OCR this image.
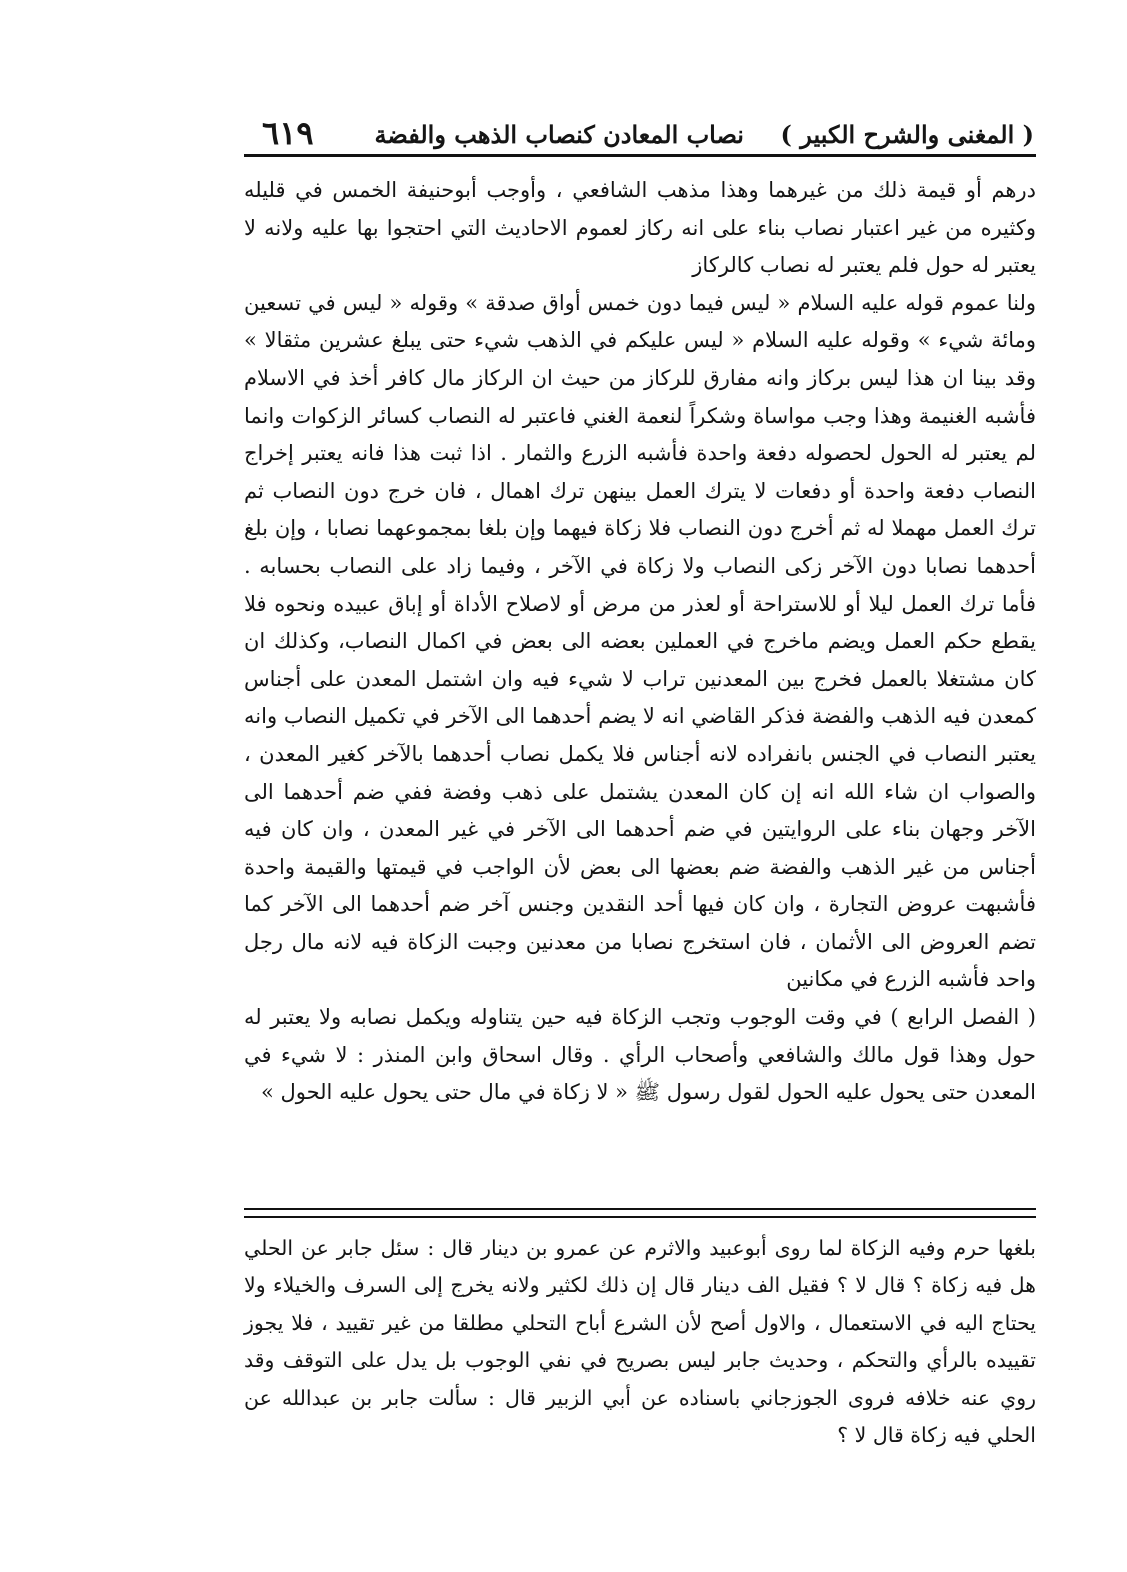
( المغنى والشرح الكبير )
نصاب المعادن كنصاب الذهب والفضة
٦١٩

درهم أو قيمة ذلك من غيرهما وهذا مذهب الشافعي ، وأوجب أبوحنيفة الخمس في قليله وكثيره من غير اعتبار نصاب بناء على انه ركاز لعموم الاحاديث التي احتجوا بها عليه ولانه لا يعتبر له حول فلم يعتبر له نصاب كالركاز

ولنا عموم قوله عليه السلام « ليس فيما دون خمس أواق صدقة » وقوله « ليس في تسعين ومائة شيء » وقوله عليه السلام « ليس عليكم في الذهب شيء حتى يبلغ عشرين مثقالا » وقد بينا ان هذا ليس بركاز وانه مفارق للركاز من حيث ان الركاز مال كافر أخذ في الاسلام فأشبه الغنيمة وهذا وجب مواساة وشكراً لنعمة الغني فاعتبر له النصاب كسائر الزكوات وانما لم يعتبر له الحول لحصوله دفعة واحدة فأشبه الزرع والثمار . اذا ثبت هذا فانه يعتبر إخراج النصاب دفعة واحدة أو دفعات لا يترك العمل بينهن ترك اهمال ، فان خرج دون النصاب ثم ترك العمل مهملا له ثم أخرج دون النصاب فلا زكاة فيهما وإن بلغا بمجموعهما نصابا ، وإن بلغ أحدهما نصابا دون الآخر زكى النصاب ولا زكاة في الآخر ، وفيما زاد على النصاب بحسابه . فأما ترك العمل ليلا أو للاستراحة أو لعذر من مرض أو لاصلاح الأداة أو إباق عبيده ونحوه فلا يقطع حكم العمل ويضم ماخرج في العملين بعضه الى بعض في اكمال النصاب، وكذلك ان كان مشتغلا بالعمل فخرج بين المعدنين تراب لا شيء فيه وان اشتمل المعدن على أجناس كمعدن فيه الذهب والفضة فذكر القاضي انه لا يضم أحدهما الى الآخر في تكميل النصاب وانه يعتبر النصاب في الجنس بانفراده لانه أجناس فلا يكمل نصاب أحدهما بالآخر كغير المعدن ، والصواب ان شاء الله انه إن كان المعدن يشتمل على ذهب وفضة ففي ضم أحدهما الى الآخر وجهان بناء على الروايتين في ضم أحدهما الى الآخر في غير المعدن ، وان كان فيه أجناس من غير الذهب والفضة ضم بعضها الى بعض لأن الواجب في قيمتها والقيمة واحدة فأشبهت عروض التجارة ، وان كان فيها أحد النقدين وجنس آخر ضم أحدهما الى الآخر كما تضم العروض الى الأثمان ، فان استخرج نصابا من معدنين وجبت الزكاة فيه لانه مال رجل واحد فأشبه الزرع في مكانين

( الفصل الرابع ) في وقت الوجوب وتجب الزكاة فيه حين يتناوله ويكمل نصابه ولا يعتبر له حول وهذا قول مالك والشافعي وأصحاب الرأي . وقال اسحاق وابن المنذر : لا شيء في المعدن حتى يحول عليه الحول لقول رسول ﷺ « لا زكاة في مال حتى يحول عليه الحول »

بلغها حرم وفيه الزكاة لما روى أبوعبيد والاثرم عن عمرو بن دينار قال : سئل جابر عن الحلي هل فيه زكاة ؟ قال لا ؟ فقيل الف دينار قال إن ذلك لكثير ولانه يخرج إلى السرف والخيلاء ولا يحتاج اليه في الاستعمال ، والاول أصح لأن الشرع أباح التحلي مطلقا من غير تقييد ، فلا يجوز تقييده بالرأي والتحكم ، وحديث جابر ليس بصريح في نفي الوجوب بل يدل على التوقف وقد روي عنه خلافه فروى الجوزجاني باسناده عن أبي الزبير قال : سألت جابر بن عبدالله عن الحلي فيه زكاة قال لا ؟
